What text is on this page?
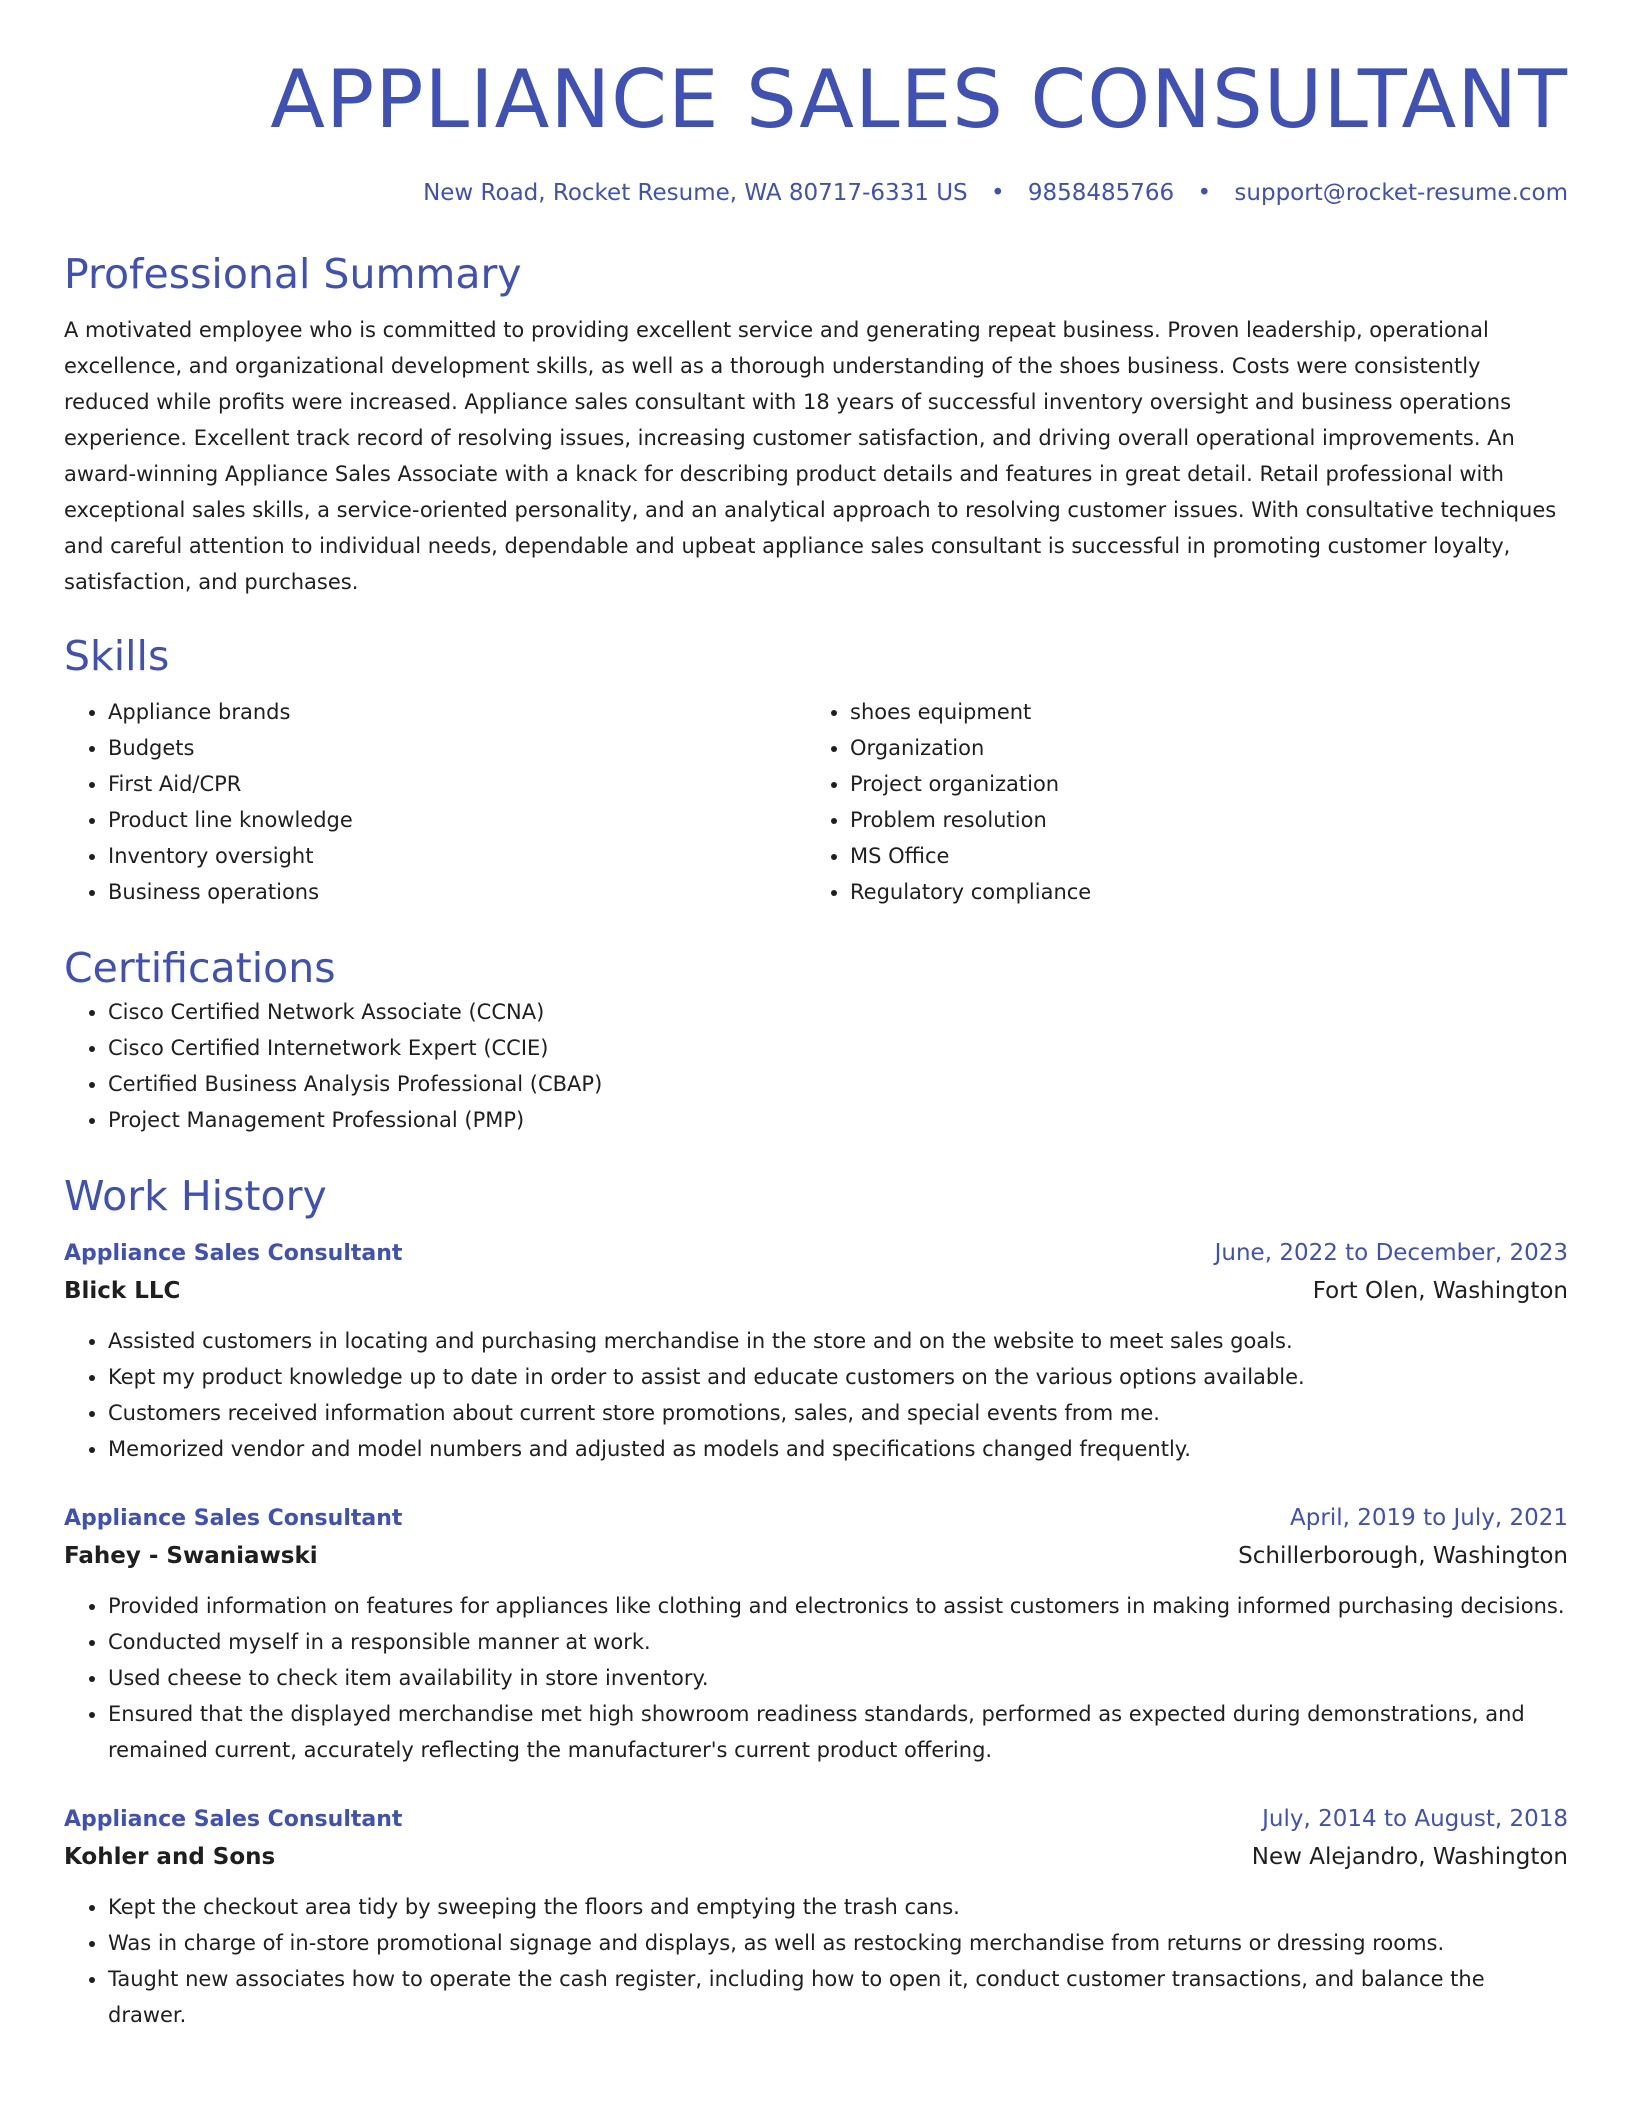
APPLIANCE SALES CONSULTANT
New Road, Rocket Resume, WA 80717-6331 US • 9858485766 • support@rocket-resume.com
Professional Summary
A motivated employee who is committed to providing excellent service and generating repeat business. Proven leadership, operational excellence, and organizational development skills, as well as a thorough understanding of the shoes business. Costs were consistently reduced while profits were increased. Appliance sales consultant with 18 years of successful inventory oversight and business operations experience. Excellent track record of resolving issues, increasing customer satisfaction, and driving overall operational improvements. An award-winning Appliance Sales Associate with a knack for describing product details and features in great detail. Retail professional with exceptional sales skills, a service-oriented personality, and an analytical approach to resolving customer issues. With consultative techniques and careful attention to individual needs, dependable and upbeat appliance sales consultant is successful in promoting customer loyalty, satisfaction, and purchases.
Skills
• Appliance brands
• Budgets
• First Aid/CPR
• Product line knowledge
• Inventory oversight
• Business operations
• shoes equipment
• Organization
• Project organization
• Problem resolution
• MS Office
• Regulatory compliance
Certifications
• Cisco Certified Network Associate (CCNA)
• Cisco Certified Internetwork Expert (CCIE)
• Certified Business Analysis Professional (CBAP)
• Project Management Professional (PMP)
Work History
Appliance Sales Consultant	June, 2022 to December, 2023
Blick LLC	Fort Olen, Washington
• Assisted customers in locating and purchasing merchandise in the store and on the website to meet sales goals.
• Kept my product knowledge up to date in order to assist and educate customers on the various options available.
• Customers received information about current store promotions, sales, and special events from me.
• Memorized vendor and model numbers and adjusted as models and specifications changed frequently.
Appliance Sales Consultant	April, 2019 to July, 2021
Fahey - Swaniawski	Schillerborough, Washington
• Provided information on features for appliances like clothing and electronics to assist customers in making informed purchasing decisions.
• Conducted myself in a responsible manner at work.
• Used cheese to check item availability in store inventory.
• Ensured that the displayed merchandise met high showroom readiness standards, performed as expected during demonstrations, and remained current, accurately reflecting the manufacturer's current product offering.
Appliance Sales Consultant	July, 2014 to August, 2018
Kohler and Sons	New Alejandro, Washington
• Kept the checkout area tidy by sweeping the floors and emptying the trash cans.
• Was in charge of in-store promotional signage and displays, as well as restocking merchandise from returns or dressing rooms.
• Taught new associates how to operate the cash register, including how to open it, conduct customer transactions, and balance the drawer.
